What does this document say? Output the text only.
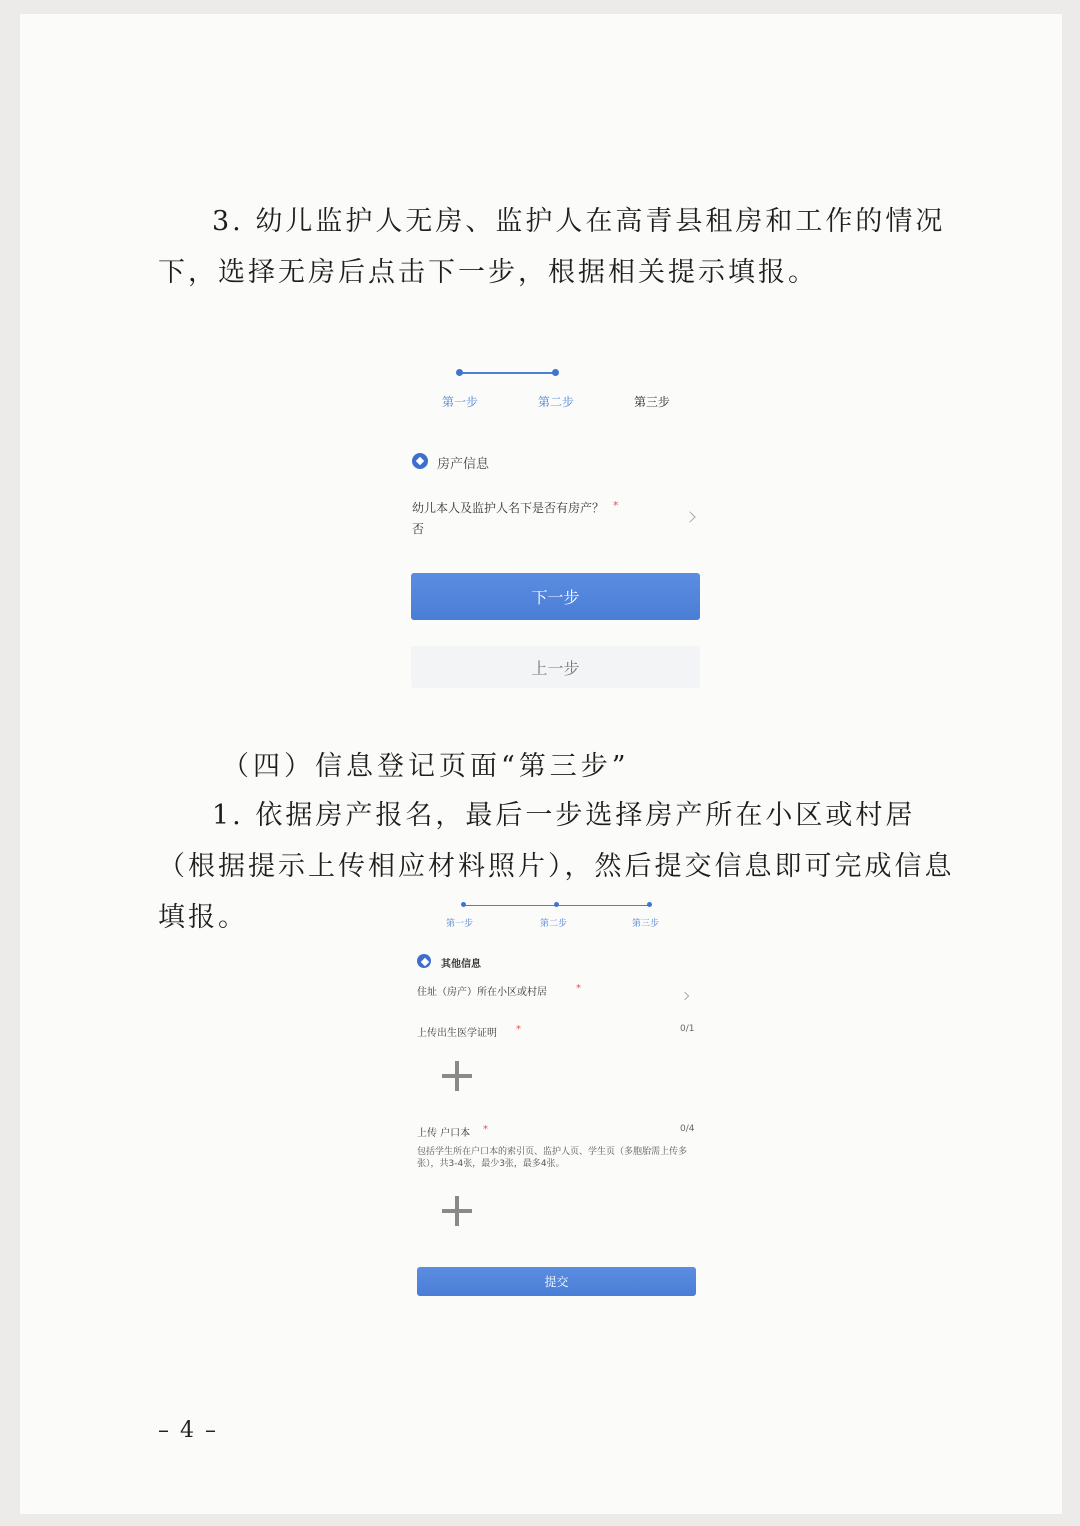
3. 幼儿监护人无房、监护人在高青县租房和工作的情况下，选择无房后点击下一步，根据相关提示填报。

第一步	第二步	第三步
房产信息
幼儿本人及监护人名下是否有房产？ *
否
下一步
上一步

（四）信息登记页面“第三步”

1. 依据房产报名，最后一步选择房产所在小区或村居（根据提示上传相应材料照片），然后提交信息即可完成信息填报。	第一步	第二步	第三步
其他信息
住址（房产）所在小区或村居	*
上传出生医学证明 *	0/1
上传 户口本 *	0/4
包括学生所在户口本的索引页、监护人页、学生页（多胞胎需上传多张），共3-4张，最少3张，最多4张。
提交
– 4 –
